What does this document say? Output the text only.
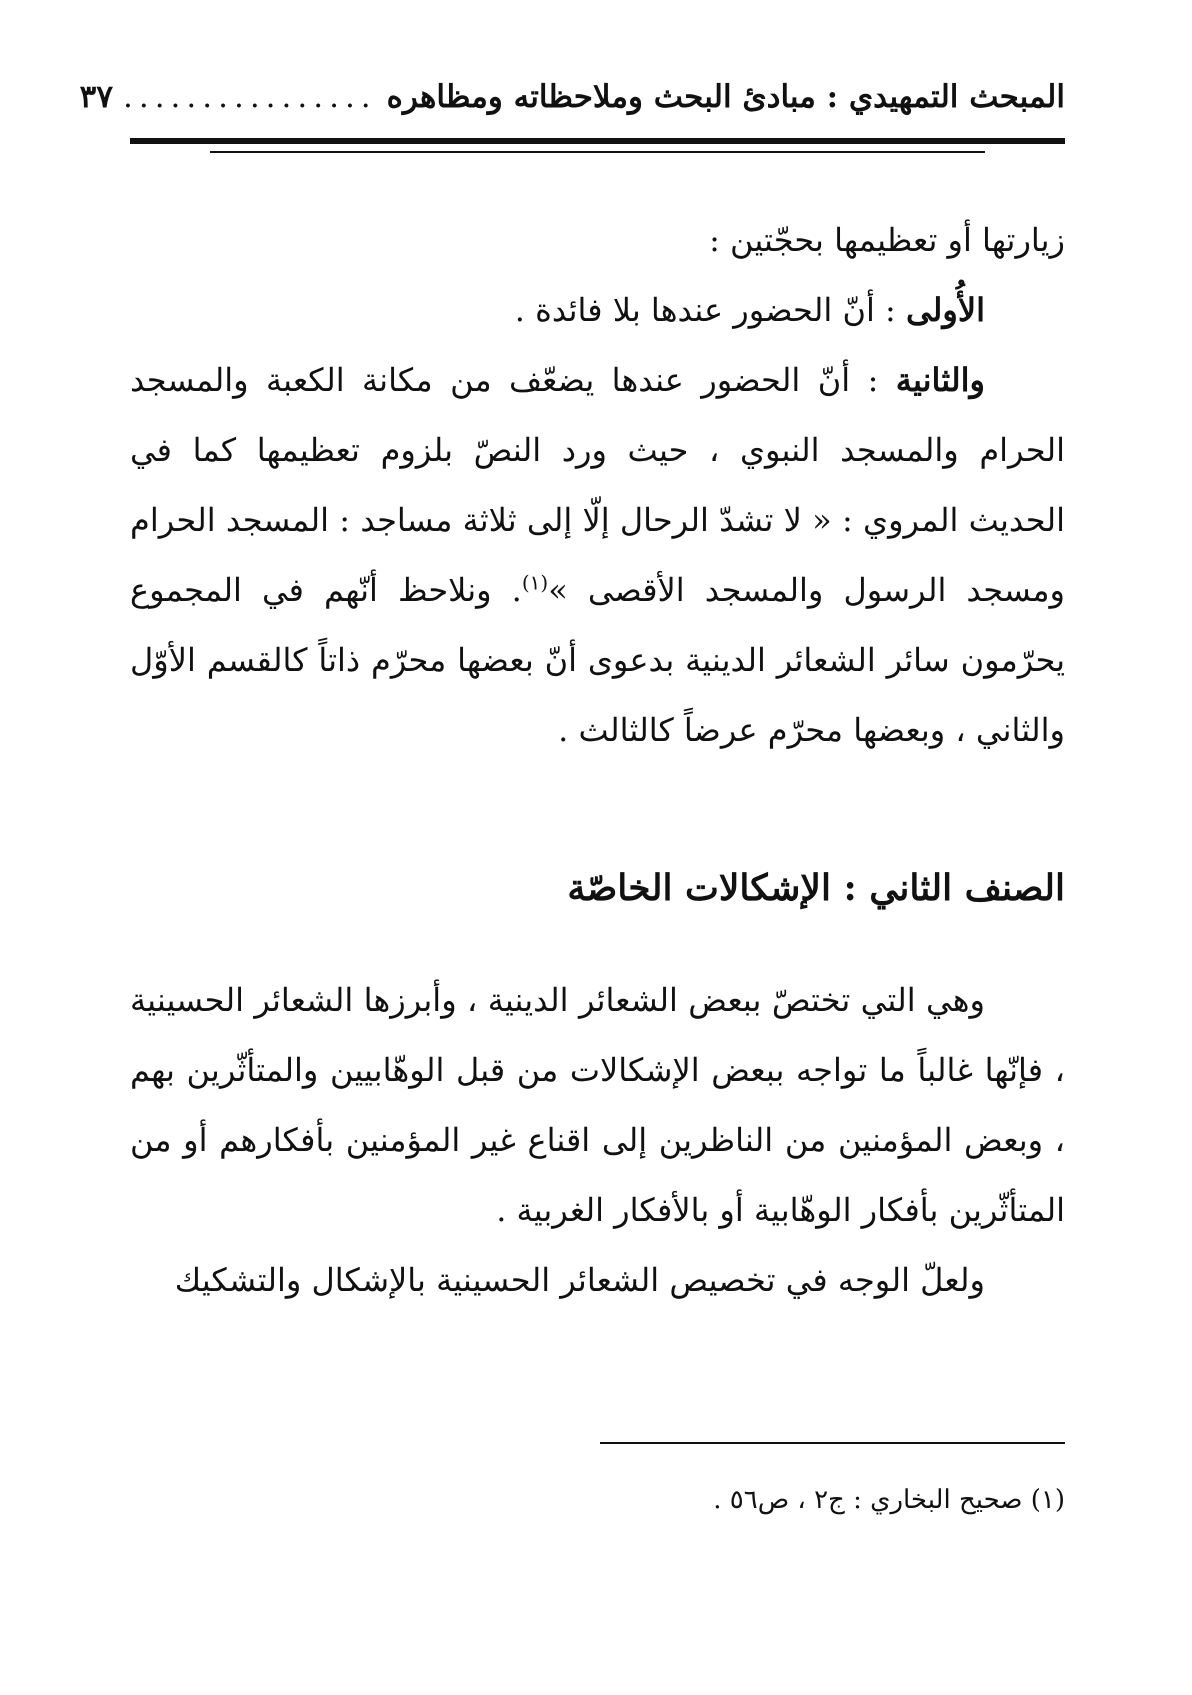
المبحث التمهيدي : مبادئ البحث وملاحظاته ومظاهره
................
٣٧

زيارتها أو تعظيمها بحجّتين :

الأُولى : أنّ الحضور عندها بلا فائدة .

والثانية : أنّ الحضور عندها يضعّف من مكانة الكعبة والمسجد الحرام والمسجد النبوي ، حيث ورد النصّ بلزوم تعظيمها كما في الحديث المروي : « لا تشدّ الرحال إلّا إلى ثلاثة مساجد : المسجد الحرام ومسجد الرسول والمسجد الأقصى »$^{(١)}$. ونلاحظ أنّهم في المجموع يحرّمون سائر الشعائر الدينية بدعوى أنّ بعضها محرّم ذاتاً كالقسم الأوّل والثاني ، وبعضها محرّم عرضاً كالثالث .

الصنف الثاني : الإشكالات الخاصّة

وهي التي تختصّ ببعض الشعائر الدينية ، وأبرزها الشعائر الحسينية ، فإنّها غالباً ما تواجه ببعض الإشكالات من قبل الوهّابيين والمتأثّرين بهم ، وبعض المؤمنين من الناظرين إلى اقناع غير المؤمنين بأفكارهم أو من المتأثّرين بأفكار الوهّابية أو بالأفكار الغربية .

ولعلّ الوجه في تخصيص الشعائر الحسينية بالإشكال والتشكيك

(١) صحيح البخاري : ج٢ ، ص٥٦ .
